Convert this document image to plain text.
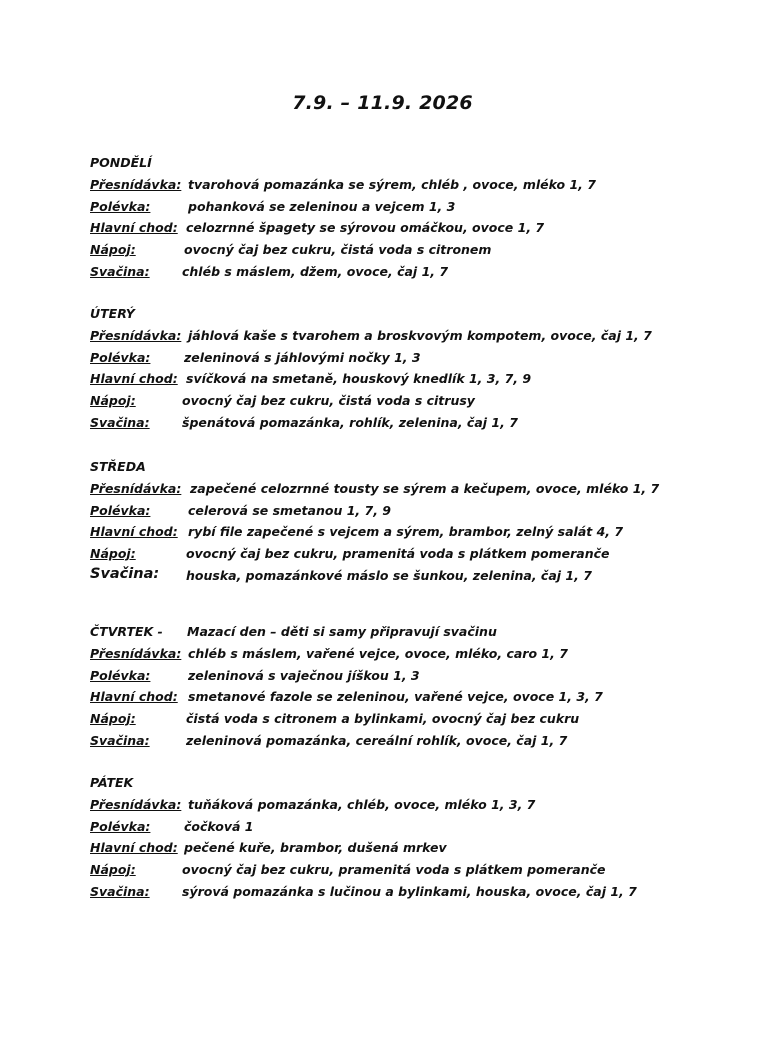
7.9. – 11.9. 2026
PONDĚLÍ
Přesnídávka: tvarohová pomazánka se sýrem, chléb , ovoce, mléko 1, 7
Polévka:	pohanková se zeleninou a vejcem 1, 3
Hlavní chod: celozrnné špagety se sýrovou omáčkou, ovoce 1, 7
Nápoj:	ovocný čaj bez cukru, čistá voda s citronem
Svačina:	chléb s máslem, džem, ovoce, čaj 1, 7
ÚTERÝ
Přesnídávka: jáhlová kaše s tvarohem a broskvovým kompotem, ovoce, čaj 1, 7
Polévka:	zeleninová s jáhlovými nočky 1, 3
Hlavní chod: svíčková na smetaně, houskový knedlík 1, 3, 7, 9
Nápoj:	ovocný čaj bez cukru, čistá voda s citrusy
Svačina:	špenátová pomazánka, rohlík, zelenina, čaj 1, 7
STŘEDA
Přesnídávka: zapečené celozrnné tousty se sýrem a kečupem, ovoce, mléko 1, 7
Polévka:	celerová se smetanou 1, 7, 9
Hlavní chod: rybí file zapečené s vejcem a sýrem, brambor, zelný salát 4, 7
Nápoj:	ovocný čaj bez cukru, pramenitá voda s plátkem pomeranče
Svačina: houska, pomazánkové máslo se šunkou, zelenina, čaj 1, 7
ČTVRTEK - Mazací den – děti si samy připravují svačinu
Přesnídávka: chléb s máslem, vařené vejce, ovoce, mléko, caro 1, 7
Polévka:	zeleninová s vaječnou jíškou 1, 3
Hlavní chod: smetanové fazole se zeleninou, vařené vejce, ovoce 1, 3, 7
Nápoj:	čistá voda s citronem a bylinkami, ovocný čaj bez cukru
Svačina:	zeleninová pomazánka, cereální rohlík, ovoce, čaj 1, 7
PÁTEK
Přesnídávka: tuňáková pomazánka, chléb, ovoce, mléko 1, 3, 7
Polévka:	čočková 1
Hlavní chod: pečené kuře, brambor, dušená mrkev
Nápoj:	ovocný čaj bez cukru, pramenitá voda s plátkem pomeranče
Svačina:	sýrová pomazánka s lučinou a bylinkami, houska, ovoce, čaj 1, 7
